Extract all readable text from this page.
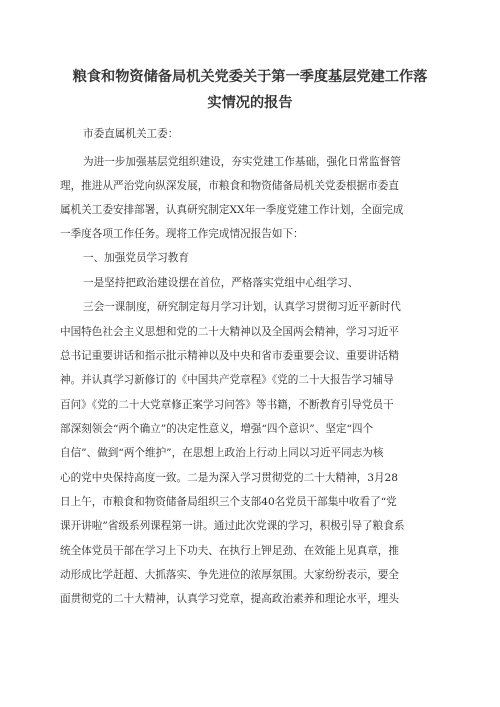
粮食和物资储备局机关党委关于第一季度基层党建工作落
实情况的报告
市委直属机关工委：
为进一步加强基层党组织建设，夯实党建工作基础，强化日常监督管
理，推进从严治党向纵深发展，市粮食和物资储备局机关党委根据市委直
属机关工委安排部署，认真研究制定XX年一季度党建工作计划，全面完成
一季度各项工作任务。现将工作完成情况报告如下：
一、加强党员学习教育
一是坚持把政治建设摆在首位，严格落实党组中心组学习、
三会一课制度，研究制定每月学习计划，认真学习贯彻习近平新时代
中国特色社会主义思想和党的二十大精神以及全国两会精神，学习习近平
总书记重要讲话和指示批示精神以及中央和省市委重要会议、重要讲话精
神。并认真学习新修订的《中国共产党章程》《党的二十大报告学习辅导
百问》《党的二十大党章修正案学习问答》等书籍，不断教育引导党员干
部深刻领会“两个确立”的决定性意义，增强“四个意识”、坚定“四个
自信”、做到“两个维护”，在思想上政治上行动上同以习近平同志为核
心的党中央保持高度一致。二是为深入学习贯彻党的二十大精神，3月28
日上午，市粮食和物资储备局组织三个支部40名党员干部集中收看了“党
课开讲啦”省级系列课程第一讲。通过此次党课的学习，积极引导了粮食系
统全体党员干部在学习上下功夫、在执行上钾足劲、在效能上见真章，推
动形成比学赶超、大抓落实、争先进位的浓厚氛围。大家纷纷表示，要全
面贯彻党的二十大精神，认真学习党章，提高政治素养和理论水平，埋头
